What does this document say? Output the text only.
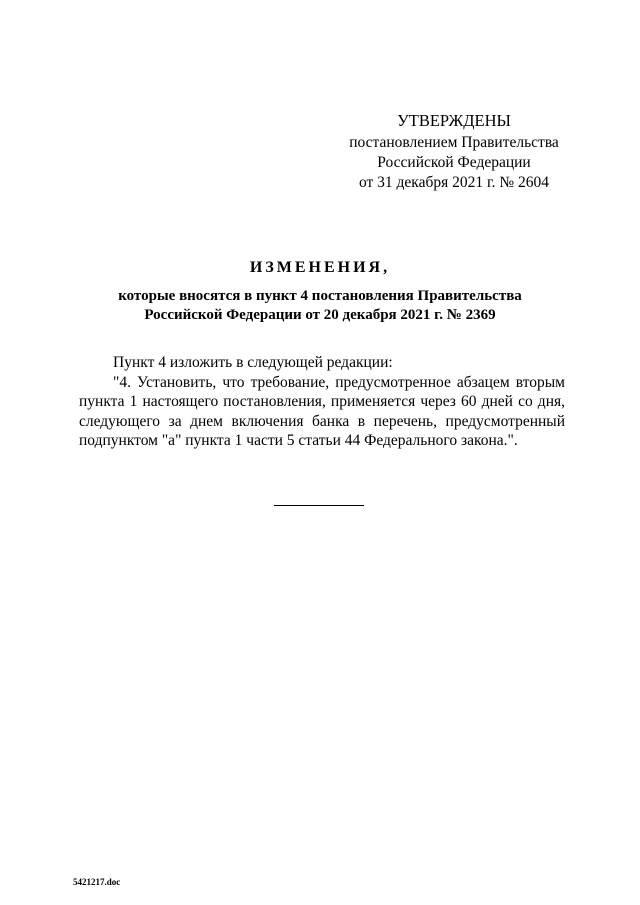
УТВЕРЖДЕНЫ
постановлением Правительства
Российской Федерации
от 31 декабря 2021 г. № 2604
ИЗМЕНЕНИЯ,
которые вносятся в пункт 4 постановления Правительства
Российской Федерации от 20 декабря 2021 г. № 2369
Пункт 4 изложить в следующей редакции:
"4. Установить, что требование, предусмотренное абзацем вторым
пункта 1 настоящего постановления, применяется через 60 дней со дня,
следующего за днем включения банка в перечень, предусмотренный
подпунктом "а" пункта 1 части 5 статьи 44 Федерального закона.".
5421217.doc
